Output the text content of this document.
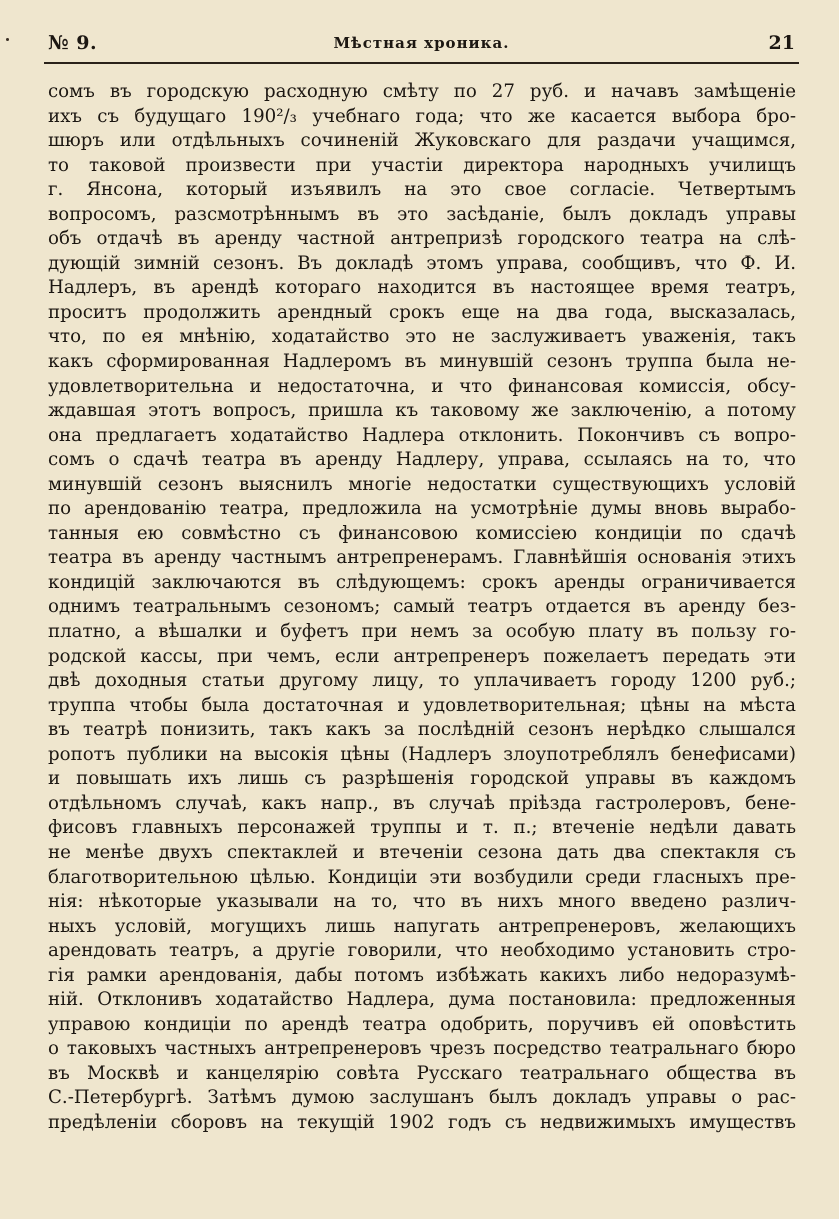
№ 9.	Мѣстная хроника.	21
сомъ въ городскую расходную смѣту по 27 руб. и начавъ замѣщеніе
ихъ съ будущаго 190²/₃ учебнаго года; что же касается выбора бро-
шюръ или отдѣльныхъ сочиненій Жуковскаго для раздачи учащимся,
то таковой произвести при участіи директора народныхъ училищъ
г. Янсона, который изъявилъ на это свое согласіе. Четвертымъ
вопросомъ, разсмотрѣннымъ въ это засѣданіе, былъ докладъ управы
объ отдачѣ въ аренду частной антрепризѣ городского театра на слѣ-
дующій зимній сезонъ. Въ докладѣ этомъ управа, сообщивъ, что Ф. И.
Надлеръ, въ арендѣ котораго находится въ настоящее время театръ,
проситъ продолжить арендный срокъ еще на два года, высказалась,
что, по ея мнѣнію, ходатайство это не заслуживаетъ уваженія, такъ
какъ сформированная Надлеромъ въ минувшій сезонъ труппа была не-
удовлетворительна и недостаточна, и что финансовая комиссія, обсу-
ждавшая этотъ вопросъ, пришла къ таковому же заключенію, а потому
она предлагаетъ ходатайство Надлера отклонить. Покончивъ съ вопро-
сомъ о сдачѣ театра въ аренду Надлеру, управа, ссылаясь на то, что
минувшій сезонъ выяснилъ многіе недостатки существующихъ условій
по арендованію театра, предложила на усмотрѣніе думы вновь вырабо-
танныя ею совмѣстно съ финансовою комиссіею кондиціи по сдачѣ
театра въ аренду частнымъ антрепренерамъ. Главнѣйшія основанія этихъ
кондицій заключаются въ слѣдующемъ: срокъ аренды ограничивается
однимъ театральнымъ сезономъ; самый театръ отдается въ аренду без-
платно, а вѣшалки и буфетъ при немъ за особую плату въ пользу го-
родской кассы, при чемъ, если антрепренеръ пожелаетъ передать эти
двѣ доходныя статьи другому лицу, то уплачиваетъ городу 1200 руб.;
труппа чтобы была достаточная и удовлетворительная; цѣны на мѣста
въ театрѣ понизить, такъ какъ за послѣдній сезонъ нерѣдко слышался
ропотъ публики на высокія цѣны (Надлеръ злоупотреблялъ бенефисами)
и повышать ихъ лишь съ разрѣшенія городской управы въ каждомъ
отдѣльномъ случаѣ, какъ напр., въ случаѣ пріѣзда гастролеровъ, бене-
фисовъ главныхъ персонажей труппы и т. п.; втеченіе недѣли давать
не менѣе двухъ спектаклей и втеченіи сезона дать два спектакля съ
благотворительною цѣлью. Кондиціи эти возбудили среди гласныхъ пре-
нія: нѣкоторые указывали на то, что въ нихъ много введено различ-
ныхъ условій, могущихъ лишь напугать антрепренеровъ, желающихъ
арендовать театръ, а другіе говорили, что необходимо установить стро-
гія рамки арендованія, дабы потомъ избѣжать какихъ либо недоразумѣ-
ній. Отклонивъ ходатайство Надлера, дума постановила: предложенныя
управою кондиціи по арендѣ театра одобрить, поручивъ ей оповѣстить
о таковыхъ частныхъ антрепренеровъ чрезъ посредство театральнаго бюро
въ Москвѣ и канцелярію совѣта Русскаго театральнаго общества въ
С.-Петербургѣ. Затѣмъ думою заслушанъ былъ докладъ управы о рас-
предѣленіи сборовъ на текущій 1902 годъ съ недвижимыхъ имуществъ
